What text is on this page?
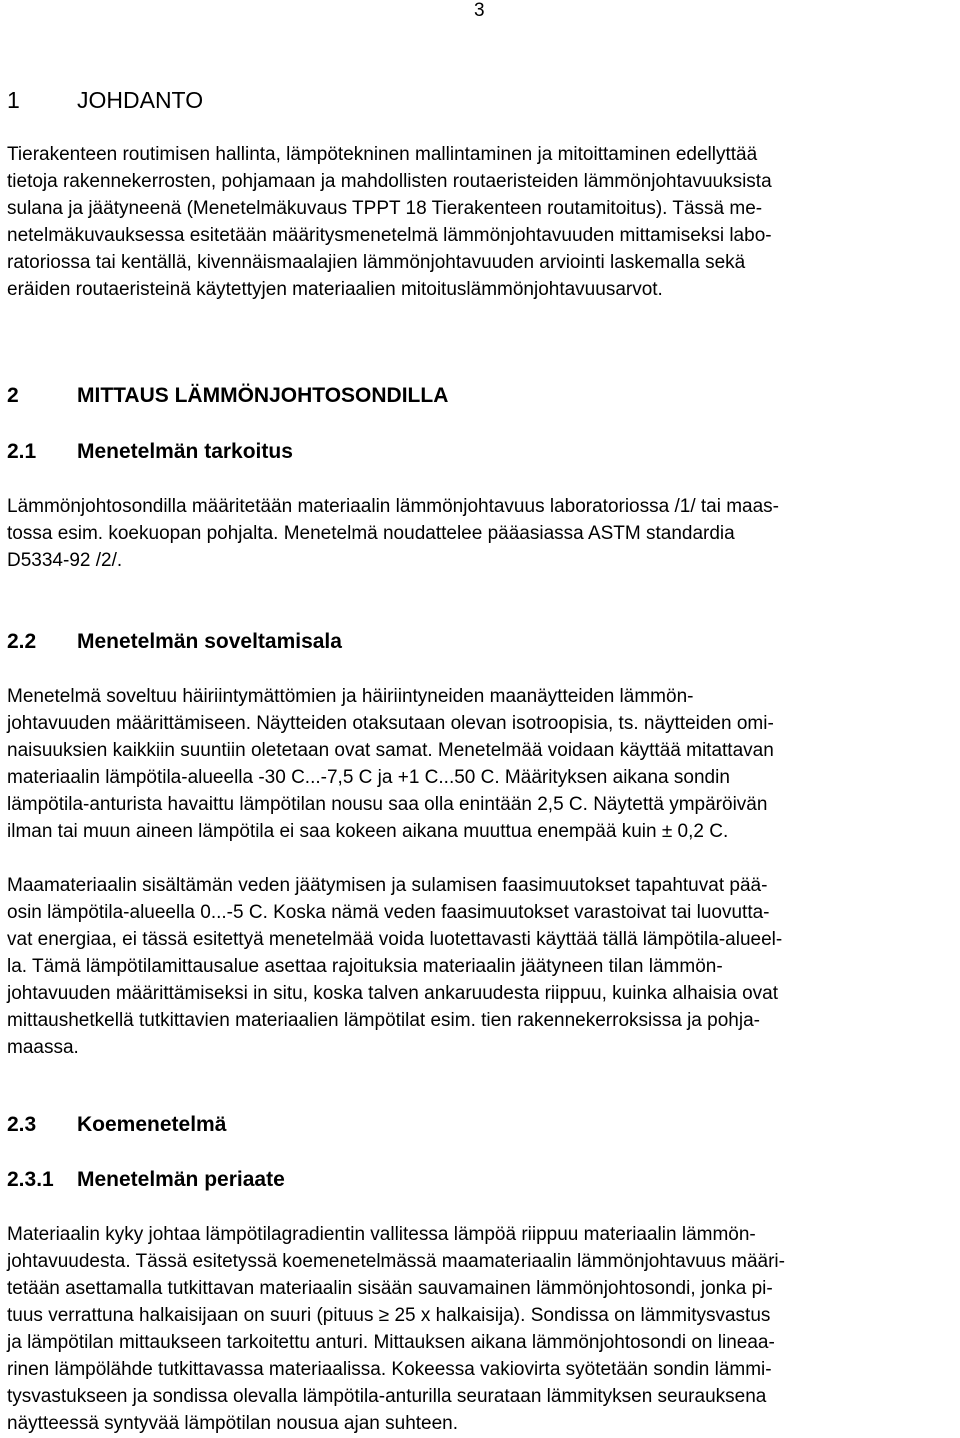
3
1 JOHDANTO

Tierakenteen routimisen hallinta, lämpötekninen mallintaminen ja mitoittaminen edellyttää
tietoja rakennekerrosten, pohjamaan ja mahdollisten routaeristeiden lämmönjohtavuuksista
sulana ja jäätyneenä (Menetelmäkuvaus TPPT 18 Tierakenteen routamitoitus). Tässä me-
netelmäkuvauksessa esitetään määritysmenetelmä lämmönjohtavuuden mittamiseksi labo-
ratoriossa tai kentällä, kivennäismaalajien lämmönjohtavuuden arviointi laskemalla sekä
eräiden routaeristeinä käytettyjen materiaalien mitoituslämmönjohtavuusarvot.

2	MITTAUS LÄMMÖNJOHTOSONDILLA
2.1 Menetelmän tarkoitus

Lämmönjohtosondilla määritetään materiaalin lämmönjohtavuus laboratoriossa /1/ tai maas-
tossa esim. koekuopan pohjalta. Menetelmä noudattelee pääasiassa ASTM standardia
D5334-92 /2/.

2.2 Menetelmän soveltamisala

Menetelmä soveltuu häiriintymättömien ja häiriintyneiden maanäytteiden lämmön-
johtavuuden määrittämiseen. Näytteiden otaksutaan olevan isotroopisia, ts. näytteiden omi-
naisuuksien kaikkiin suuntiin oletetaan ovat samat. Menetelmää voidaan käyttää mitattavan
materiaalin lämpötila-alueella -30 C...-7,5 C ja +1 C...50 C. Määrityksen aikana sondin
lämpötila-anturista havaittu lämpötilan nousu saa olla enintään 2,5 C. Näytettä ympäröivän
ilman tai muun aineen lämpötila ei saa kokeen aikana muuttua enempää kuin ± 0,2 C.

Maamateriaalin sisältämän veden jäätymisen ja sulamisen faasimuutokset tapahtuvat pää-
osin lämpötila-alueella 0...-5 C. Koska nämä veden faasimuutokset varastoivat tai luovutta-
vat energiaa, ei tässä esitettyä menetelmää voida luotettavasti käyttää tällä lämpötila-alueel-
la. Tämä lämpötilamittausalue asettaa rajoituksia materiaalin jäätyneen tilan lämmön-
johtavuuden määrittämiseksi in situ, koska talven ankaruudesta riippuu, kuinka alhaisia ovat
mittaushetkellä tutkittavien materiaalien lämpötilat esim. tien rakennekerroksissa ja pohja-
maassa.

2.3 Koemenetelmä
2.3.1 Menetelmän periaate

Materiaalin kyky johtaa lämpötilagradientin vallitessa lämpöä riippuu materiaalin lämmön-
johtavuudesta. Tässä esitetyssä koemenetelmässä maamateriaalin lämmönjohtavuus määri-
tetään asettamalla tutkittavan materiaalin sisään sauvamainen lämmönjohtosondi, jonka pi-
tuus verrattuna halkaisijaan on suuri (pituus ≥ 25 x halkaisija). Sondissa on lämmitysvastus
ja lämpötilan mittaukseen tarkoitettu anturi. Mittauksen aikana lämmönjohtosondi on lineaa-
rinen lämpölähde tutkittavassa materiaalissa. Kokeessa vakiovirta syötetään sondin lämmi-
tysvastukseen ja sondissa olevalla lämpötila-anturilla seurataan lämmityksen seurauksena
näytteessä syntyvää lämpötilan nousua ajan suhteen.
